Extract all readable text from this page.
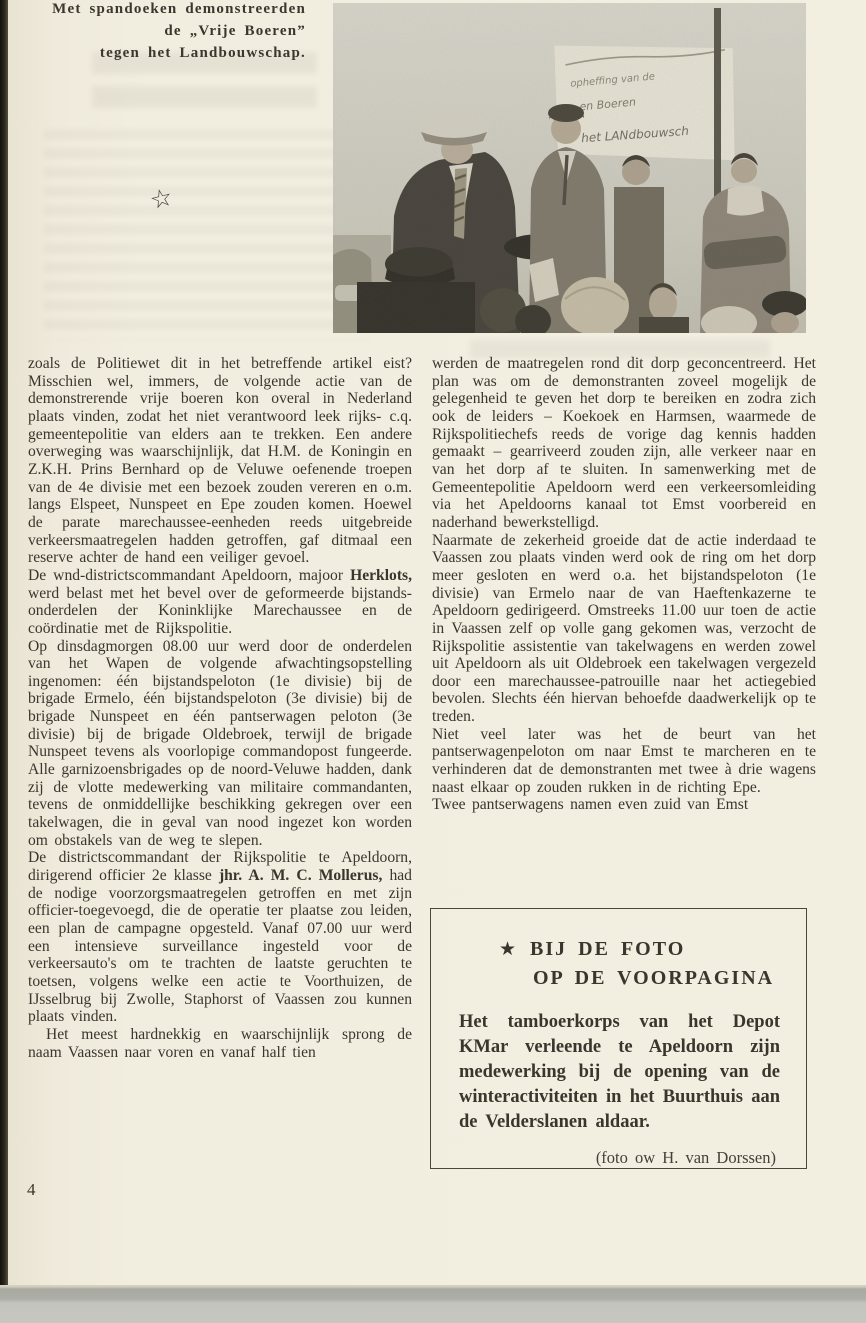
Met spandoeken demonstreerden
de „Vrije Boeren”
tegen het Landbouwschap.
☆

zoals de Politiewet dit in het betreffende artikel eist? Misschien wel, immers, de volgende actie van de demonstrerende vrije boeren kon overal in Nederland plaats vinden, zodat het niet verantwoord leek rijks- c.q. gemeentepolitie van elders aan te trekken. Een andere overweging was waarschijnlijk, dat H.M. de Koningin en Z.K.H. Prins Bernhard op de Veluwe oefenende troepen van de 4e divisie met een bezoek zouden vereren en o.m. langs Elspeet, Nunspeet en Epe zouden komen. Hoewel de parate marechaussee-eenheden reeds uitgebreide verkeersmaatregelen hadden getroffen, gaf ditmaal een reserve achter de hand een veiliger gevoel.

De wnd-districtscommandant Apeldoorn, majoor Herklots, werd belast met het bevel over de geformeerde bijstands-onderdelen der Koninklijke Marechaussee en de coördinatie met de Rijkspolitie.

Op dinsdagmorgen 08.00 uur werd door de onderdelen van het Wapen de volgende afwachtingsopstelling ingenomen: één bijstandspeloton (1e divisie) bij de brigade Ermelo, één bijstandspeloton (3e divisie) bij de brigade Nunspeet en één pantserwagen peloton (3e divisie) bij de brigade Oldebroek, terwijl de brigade Nunspeet tevens als voorlopige commandopost fungeerde. Alle garnizoensbrigades op de noord-Veluwe hadden, dank zij de vlotte medewerking van militaire commandanten, tevens de onmiddellijke beschikking gekregen over een takelwagen, die in geval van nood ingezet kon worden om obstakels van de weg te slepen.

De districtscommandant der Rijkspolitie te Apeldoorn, dirigerend officier 2e klasse jhr. A. M. C. Mollerus, had de nodige voorzorgsmaatregelen getroffen en met zijn officier-toegevoegd, die de operatie ter plaatse zou leiden, een plan de campagne opgesteld. Vanaf 07.00 uur werd een intensieve surveillance ingesteld voor de verkeersauto's om te trachten de laatste geruchten te toetsen, volgens welke een actie te Voorthuizen, de IJsselbrug bij Zwolle, Staphorst of Vaassen zou kunnen plaats vinden.

Het meest hardnekkig en waarschijnlijk sprong de naam Vaassen naar voren en vanaf half tien

werden de maatregelen rond dit dorp geconcentreerd. Het plan was om de demonstranten zoveel mogelijk de gelegenheid te geven het dorp te bereiken en zodra zich ook de leiders – Koekoek en Harmsen, waarmede de Rijkspolitiechefs reeds de vorige dag kennis hadden gemaakt – gearriveerd zouden zijn, alle verkeer naar en van het dorp af te sluiten. In samenwerking met de Gemeentepolitie Apeldoorn werd een verkeersomleiding via het Apeldoorns kanaal tot Emst voorbereid en naderhand bewerkstelligd.

Naarmate de zekerheid groeide dat de actie inderdaad te Vaassen zou plaats vinden werd ook de ring om het dorp meer gesloten en werd o.a. het bijstandspeloton (1e divisie) van Ermelo naar de van Haeftenkazerne te Apeldoorn gedirigeerd. Omstreeks 11.00 uur toen de actie in Vaassen zelf op volle gang gekomen was, verzocht de Rijkspolitie assistentie van takelwagens en werden zowel uit Apeldoorn als uit Oldebroek een takelwagen vergezeld door een marechaussee-patrouille naar het actiegebied bevolen. Slechts één hiervan behoefde daadwerkelijk op te treden.

Niet veel later was het de beurt van het pantserwagenpeloton om naar Emst te marcheren en te verhinderen dat de demonstranten met twee à drie wagens naast elkaar op zouden rukken in de richting Epe.

Twee pantserwagens namen even zuid van Emst

★ BIJ DE FOTO
OP DE VOORPAGINA
Het tamboerkorps van het Depot KMar verleende te Apeldoorn zijn medewerking bij de opening van de winteractiviteiten in het Buurthuis aan de Velderslanen aldaar.
(foto ow H. van Dorssen)
4
